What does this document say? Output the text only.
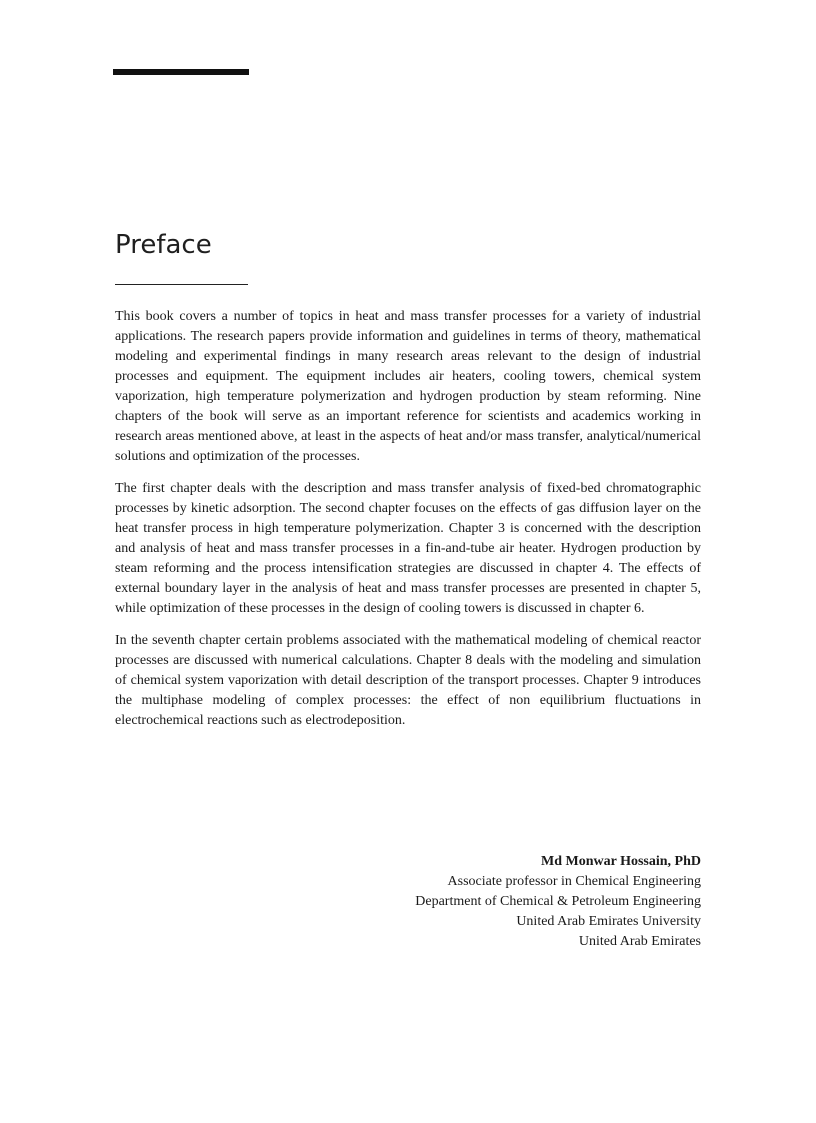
Preface

This book covers a number of topics in heat and mass transfer processes for a variety of industrial applications. The research papers provide information and guidelines in terms of theory, mathematical modeling and experimental findings in many research areas relevant to the design of industrial processes and equipment. The equipment includes air heaters, cooling towers, chemical system vaporization, high temperature polymerization and hydrogen production by steam reforming. Nine chapters of the book will serve as an important reference for scientists and academics working in research areas mentioned above, at least in the aspects of heat and/or mass transfer, analytical/numerical solutions and optimization of the processes.

The first chapter deals with the description and mass transfer analysis of fixed-bed chromatographic processes by kinetic adsorption. The second chapter focuses on the effects of gas diffusion layer on the heat transfer process in high temperature polymerization. Chapter 3 is concerned with the description and analysis of heat and mass transfer processes in a fin-and-tube air heater. Hydrogen production by steam reforming and the process intensification strategies are discussed in chapter 4. The effects of external boundary layer in the analysis of heat and mass transfer processes are presented in chapter 5, while optimization of these processes in the design of cooling towers is discussed in chapter 6.

In the seventh chapter certain problems associated with the mathematical modeling of chemical reactor processes are discussed with numerical calculations. Chapter 8 deals with the modeling and simulation of chemical system vaporization with detail description of the transport processes. Chapter 9 introduces the multiphase modeling of complex processes: the effect of non equilibrium fluctuations in electrochemical reactions such as electrodeposition.

Md Monwar Hossain, PhD
Associate professor in Chemical Engineering
Department of Chemical & Petroleum Engineering
United Arab Emirates University
United Arab Emirates
